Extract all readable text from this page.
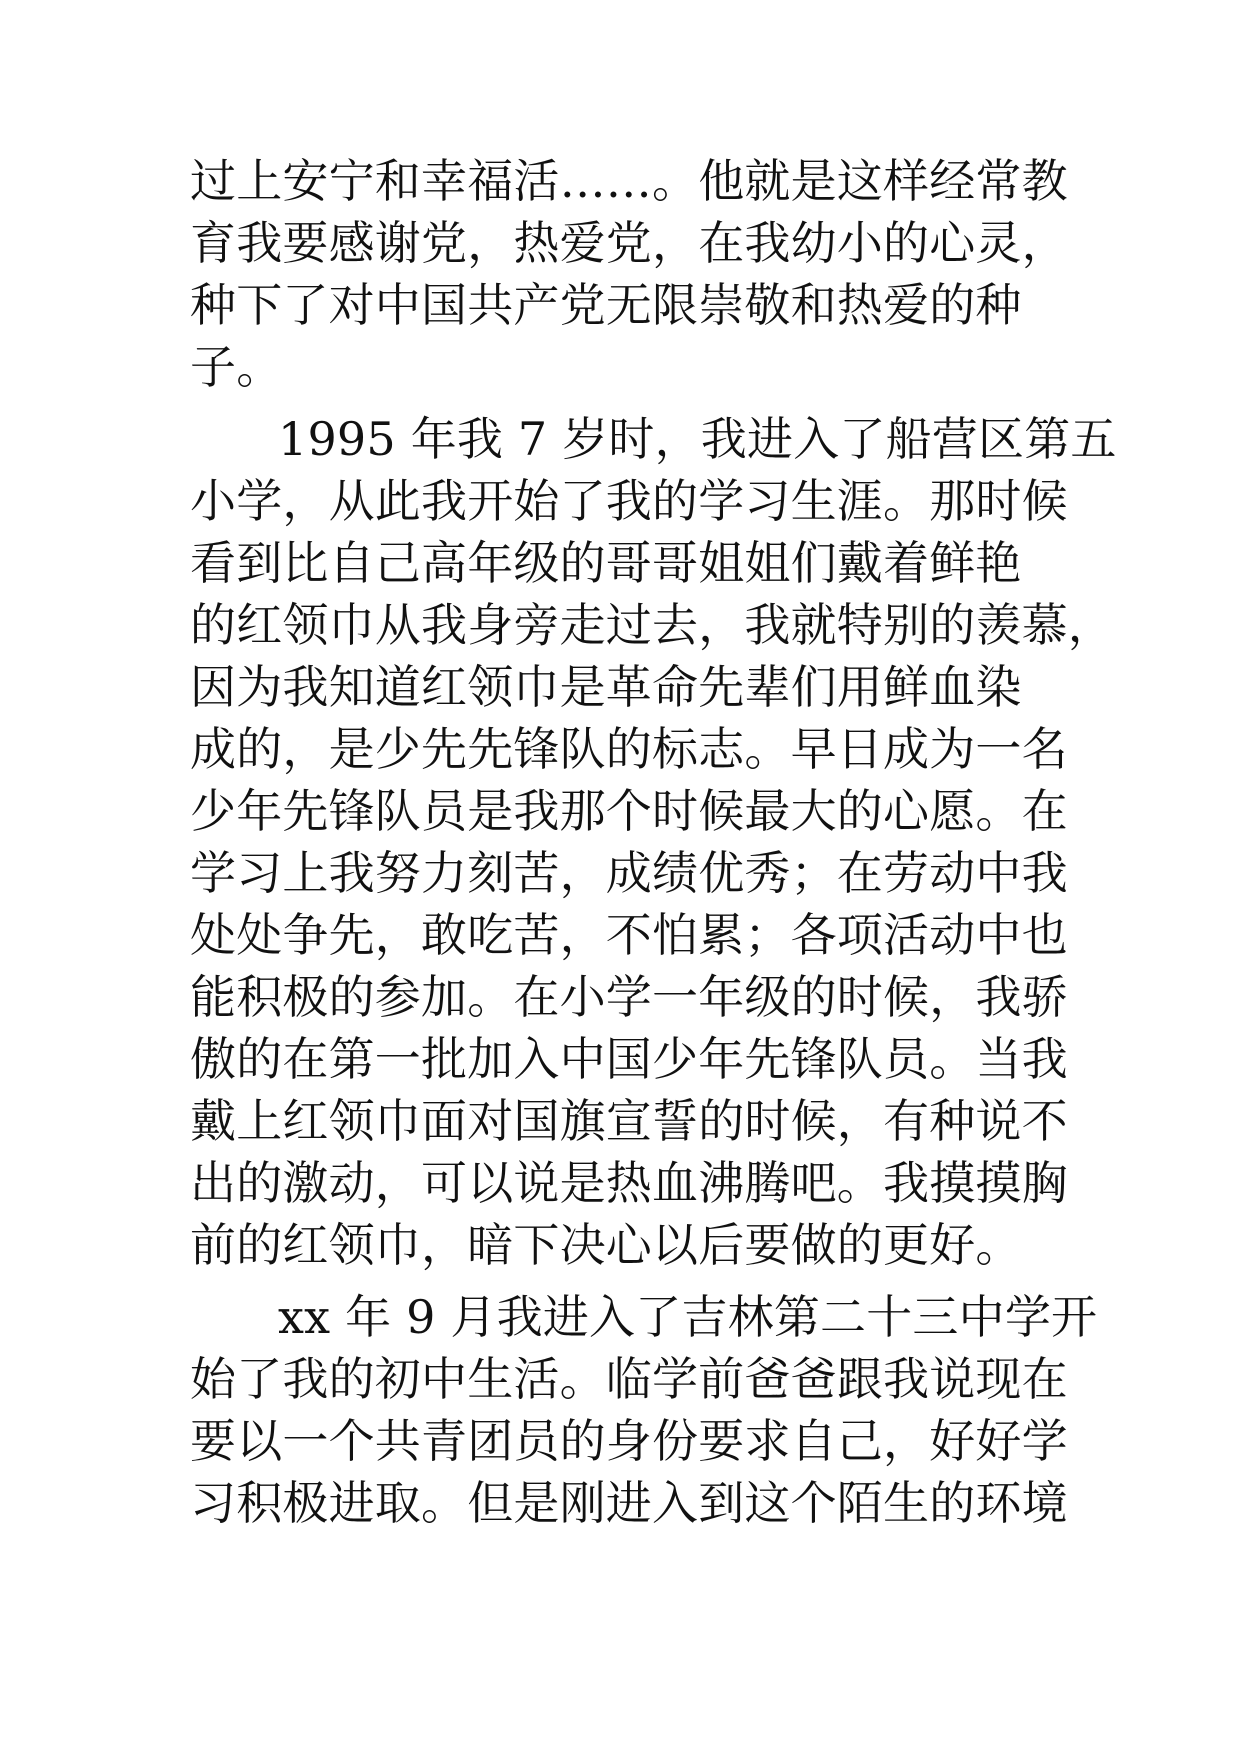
过上安宁和幸福活……。他就是这样经常教
育我要感谢党，热爱党，在我幼小的心灵，
种下了对中国共产党无限崇敬和热爱的种
子。
1995 年我 7 岁时，我进入了船营区第五
小学，从此我开始了我的学习生涯。那时候
看到比自己高年级的哥哥姐姐们戴着鲜艳
的红领巾从我身旁走过去，我就特别的羡慕，
因为我知道红领巾是革命先辈们用鲜血染
成的，是少先先锋队的标志。早日成为一名
少年先锋队员是我那个时候最大的心愿。在
学习上我努力刻苦，成绩优秀；在劳动中我
处处争先，敢吃苦，不怕累；各项活动中也
能积极的参加。在小学一年级的时候，我骄
傲的在第一批加入中国少年先锋队员。当我
戴上红领巾面对国旗宣誓的时候，有种说不
出的激动，可以说是热血沸腾吧。我摸摸胸
前的红领巾，暗下决心以后要做的更好。
xx 年 9 月我进入了吉林第二十三中学开
始了我的初中生活。临学前爸爸跟我说现在
要以一个共青团员的身份要求自己，好好学
习积极进取。但是刚进入到这个陌生的环境
